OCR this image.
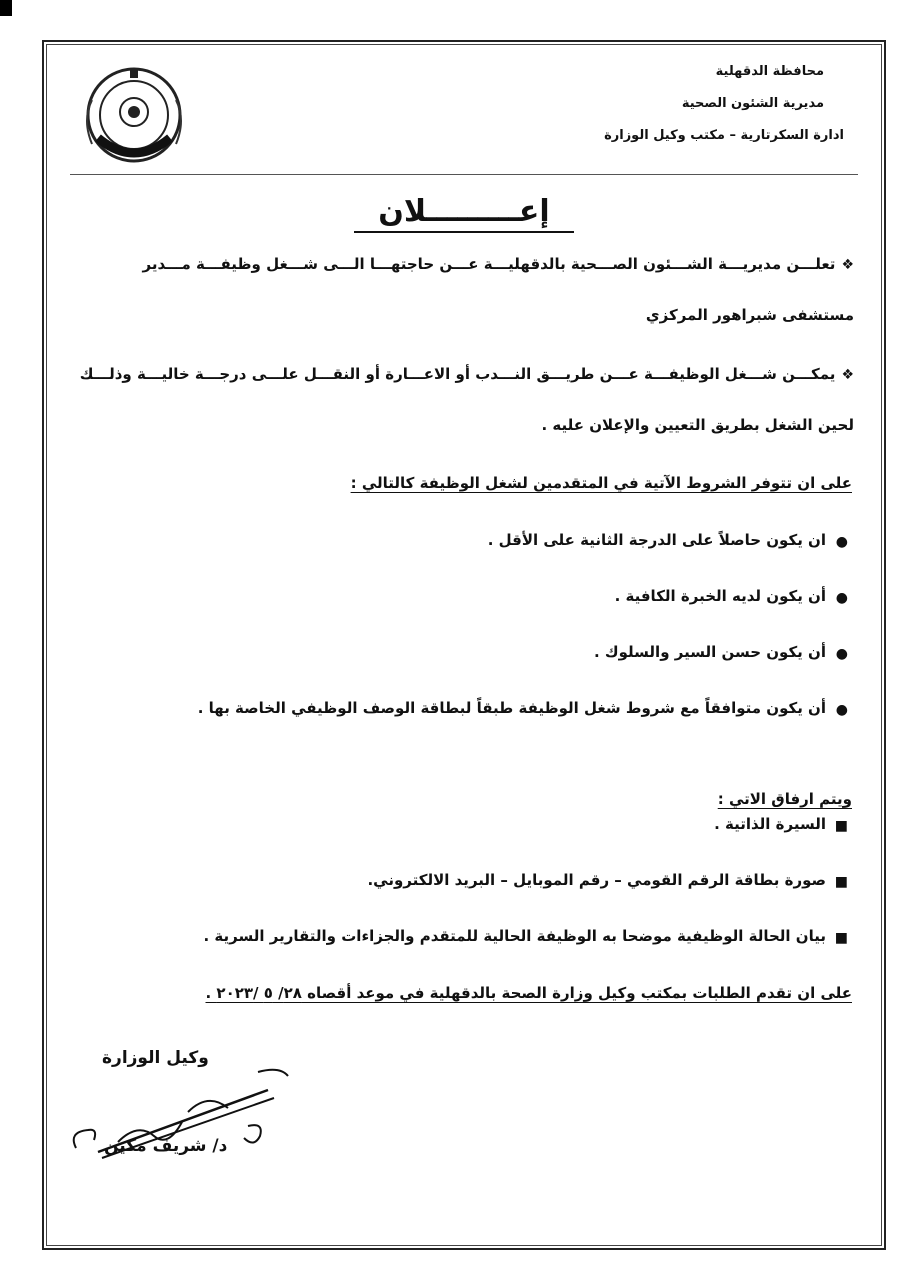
محافظة الدقهلية
مديرية الشئون الصحية
ادارة السكرتارية – مكتب وكيل الوزارة
إعـــــــــلان
❖تعلـــن مديريـــة الشـــئون الصـــحية بالدقهليـــة عـــن حاجتهـــا الـــى شـــغل وظيفـــة مـــدير
مستشفى شبراهور المركزي
❖يمكـــن شـــغل الوظيفـــة عـــن طريـــق النـــدب أو الاعـــارة أو النقـــل علـــى درجـــة خاليـــة وذلـــك
لحين الشغل بطريق التعيين والإعلان عليه .
على ان تتوفر الشروط الآتية في المتقدمين لشغل الوظيفة كالتالي :
●
ان يكون حاصلاً على الدرجة الثانية على الأقل .
●
أن يكون لديه الخبرة الكافية .
●
أن يكون حسن السير والسلوك .
●
أن يكون متوافقاً مع شروط شغل الوظيفة طبقاً لبطاقة الوصف الوظيفي الخاصة بها .
ويتم ارفاق الاتي :
■
السيرة الذاتية .
■
صورة بطاقة الرقم القومي – رقم الموبايل – البريد الالكتروني.
■
بيان الحالة الوظيفية موضحا به الوظيفة الحالية للمتقدم والجزاءات والتقارير السرية .
على ان تقدم الطلبات بمكتب وكيل وزارة الصحة بالدقهلية في موعد أقصاه ٢٨/ ٥ /٢٠٢٣ .
وكيل الوزارة
د/ شريف مكين
